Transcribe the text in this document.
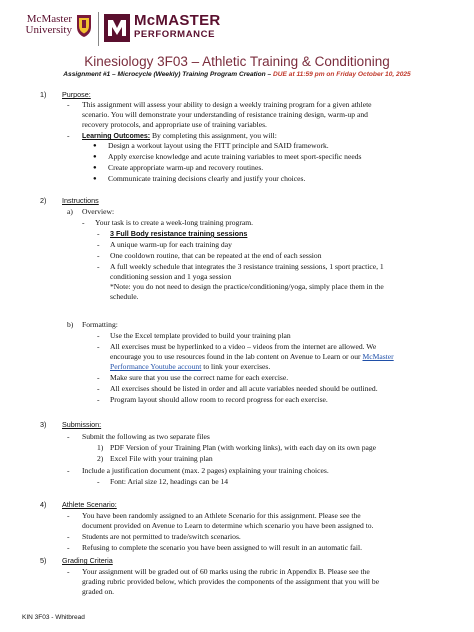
McMaster
University
McMASTER
PERFORMANCE
Kinesiology 3F03 – Athletic Training & Conditioning
Assignment #1 – Microcycle (Weekly) Training Program Creation – DUE at 11:59 pm on Friday October 10, 2025
1) Purpose:
- This assignment will assess your ability to design a weekly training program for a given athlete
scenario. You will demonstrate your understanding of resistance training design, warm-up and
recovery protocols, and appropriate use of training variables.
- Learning Outcomes: By completing this assignment, you will:
● Design a workout layout using the FITT principle and SAID framework.
● Apply exercise knowledge and acute training variables to meet sport-specific needs
● Create appropriate warm-up and recovery routines.
● Communicate training decisions clearly and justify your choices.
2) Instructions
a) Overview:
- Your task is to create a week-long training program.
- 3 Full Body resistance training sessions
- A unique warm-up for each training day
- One cooldown routine, that can be repeated at the end of each session
- A full weekly schedule that integrates the 3 resistance training sessions, 1 sport practice, 1
conditioning session and 1 yoga session
*Note: you do not need to design the practice/conditioning/yoga, simply place them in the
schedule.
b) Formatting:
- Use the Excel template provided to build your training plan
- All exercises must be hyperlinked to a video – videos from the internet are allowed. We
encourage you to use resources found in the lab content on Avenue to Learn or our McMaster
Performance Youtube account to link your exercises.
- Make sure that you use the correct name for each exercise.
- All exercises should be listed in order and all acute variables needed should be outlined.
- Program layout should allow room to record progress for each exercise.
3) Submission:
- Submit the following as two separate files
1) PDF Version of your Training Plan (with working links), with each day on its own page
2) Excel File with your training plan
- Include a justification document (max. 2 pages) explaining your training choices.
- Font: Arial size 12, headings can be 14
4) Athlete Scenario:
- You have been randomly assigned to an Athlete Scenario for this assignment. Please see the
document provided on Avenue to Learn to determine which scenario you have been assigned to.
- Students are not permitted to trade/switch scenarios.
- Refusing to complete the scenario you have been assigned to will result in an automatic fail.
5) Grading Criteria
- Your assignment will be graded out of 60 marks using the rubric in Appendix B. Please see the
grading rubric provided below, which provides the components of the assignment that you will be
graded on.
KIN 3F03 - Whitbread
